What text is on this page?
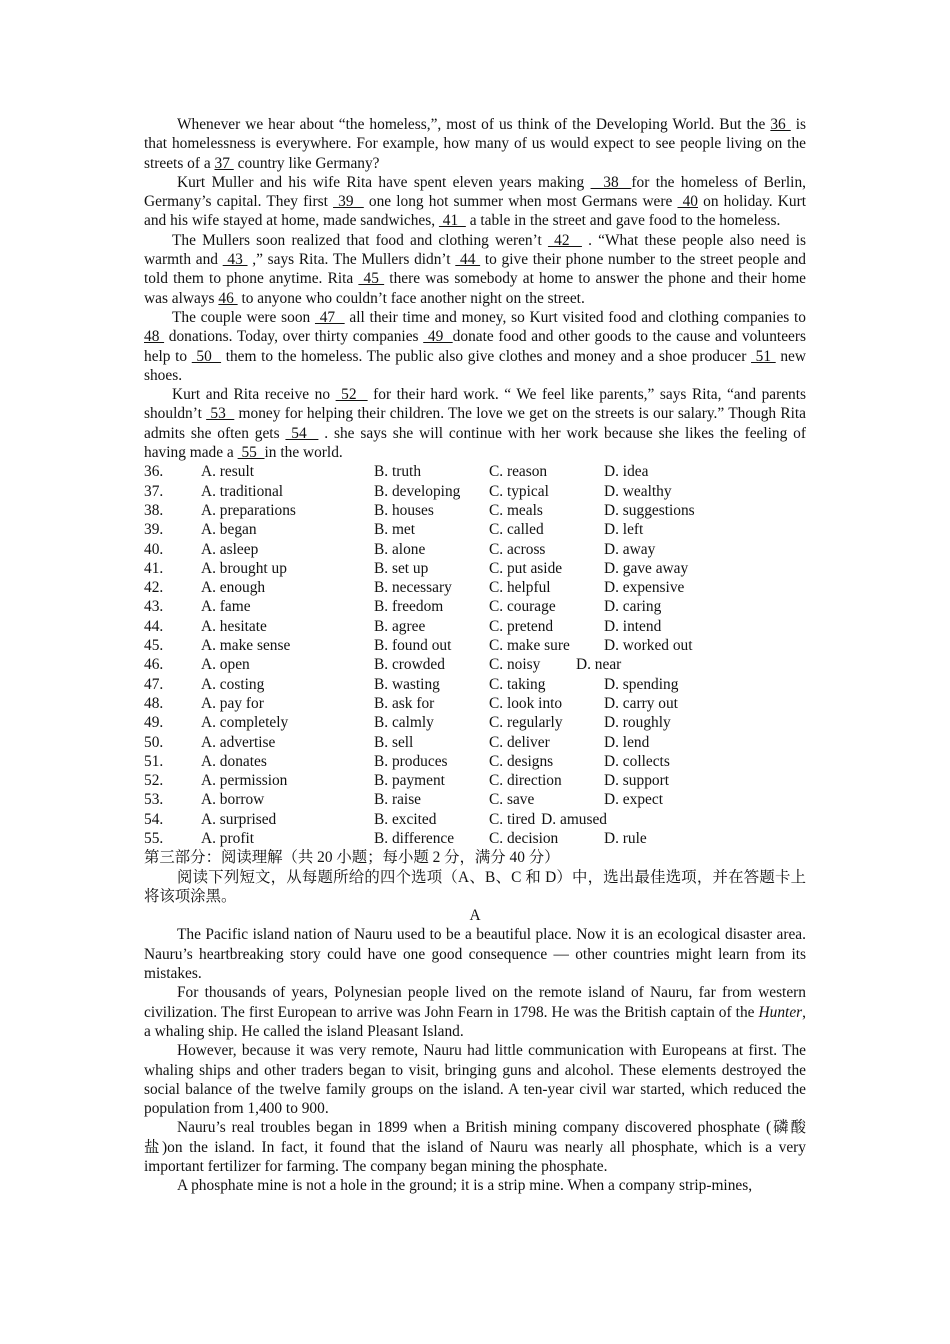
Whenever we hear about “the homeless,”, most of us think of the Developing World. But the 36  is that homelessness is everywhere. For example, how many of us would expect to see people living on the streets of a 37  country like Germany?

Kurt Muller and his wife Rita have spent eleven years making   38  for the homeless of Berlin, Germany’s capital. They first  39   one long hot summer when most Germans were  40 on holiday. Kurt and his wife stayed at home, made sandwiches,  41   a table in the street and gave food to the homeless.

The Mullers soon realized that food and clothing weren’t  42   . “What these people also need is warmth and  43  ,” says Rita. The Mullers didn’t  44  to give their phone number to the street people and told them to phone anytime. Rita  45  there was somebody at home to answer the phone and their home was always 46  to anyone who couldn’t face another night on the street.

The couple were soon  47   all their time and money, so Kurt visited food and clothing companies to 48  donations. Today, over thirty companies  49  donate food and other goods to the cause and volunteers help to  50   them to the homeless. The public also give clothes and money and a shoe producer  51  new shoes.

Kurt and Rita receive no  52   for their hard work. “ We feel like parents,” says Rita, “and parents shouldn’t  53   money for helping their children. The love we get on the streets is our salary.” Though Rita admits she often gets  54   . she says she will continue with her work because she likes the feeling of having made a  55  in the world.

36.	A. result	B. truth	C. reason	D. idea
37.	A. traditional	B. developing	C. typical	D. wealthy
38.	A. preparations	B. houses	C. meals	D. suggestions
39.	A. began	B. met	C. called	D. left
40.	A. asleep	B. alone	C. across	D. away
41.	A. brought up	B. set up	C. put aside	D. gave away
42.	A. enough	B. necessary	C. helpful	D. expensive
43.	A. fame	B. freedom	C. courage	D. caring
44.	A. hesitate	B. agree	C. pretend	D. intend
45.	A. make sense	B. found out	C. make sure	D. worked out
46.	A. open	B. crowded	C. noisy	D. near
47.	A. costing	B. wasting	C. taking	D. spending
48.	A. pay for	B. ask for	C. look into	D. carry out
49.	A. completely	B. calmly	C. regularly	D. roughly
50.	A. advertise	B. sell	C. deliver	D. lend
51.	A. donates	B. produces	C. designs	D. collects
52.	A. permission	B. payment	C. direction	D. support
53.	A. borrow	B. raise	C. save	D. expect
54.	A. surprised	B. excited	C. tired D. amused
55.	A. profit	B. difference	C. decision	D. rule

第三部分：阅读理解（共 20 小题；每小题 2 分，满分 40 分）

阅读下列短文，从每题所给的四个选项（A、B、C 和 D）中，选出最佳选项，并在答题卡上将该项涂黑。

A

The Pacific island nation of Nauru used to be a beautiful place. Now it is an ecological disaster area. Nauru’s heartbreaking story could have one good consequence — other countries might learn from its mistakes.

For thousands of years, Polynesian people lived on the remote island of Nauru, far from western civilization. The first European to arrive was John Fearn in 1798. He was the British captain of the Hunter, a whaling ship. He called the island Pleasant Island.

However, because it was very remote, Nauru had little communication with Europeans at first. The whaling ships and other traders began to visit, bringing guns and alcohol. These elements destroyed the social balance of the twelve family groups on the island. A ten-year civil war started, which reduced the population from 1,400 to 900.

Nauru’s real troubles began in 1899 when a British mining company discovered phosphate (磷酸盐)on the island. In fact, it found that the island of Nauru was nearly all phosphate, which is a very important fertilizer for farming. The company began mining the phosphate.

A phosphate mine is not a hole in the ground; it is a strip mine. When a company strip-mines,
